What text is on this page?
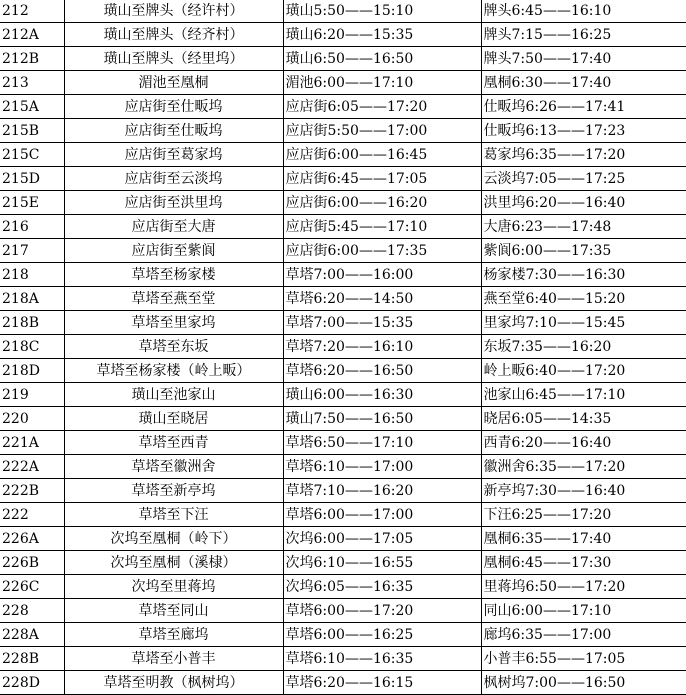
212	璜山至牌头（经许村）	璜山5:50——15:10	牌头6:45——16:10
212A	璜山至牌头（经齐村）	璜山6:20——15:35	牌头7:15——16:25
212B	璜山至牌头（经里坞）	璜山6:50——16:50	牌头7:50——17:40
213	湄池至凰桐	湄池6:00——17:10	凰桐6:30——17:40
215A	应店街至仕畈坞	应店街6:05——17:20	仕畈坞6:26——17:41
215B	应店街至仕畈坞	应店街5:50——17:00	仕畈坞6:13——17:23
215C	应店街至葛家坞	应店街6:00——16:45	葛家坞6:35——17:20
215D	应店街至云淡坞	应店街6:45——17:05	云淡坞7:05——17:25
215E	应店街至洪里坞	应店街6:00——16:20	洪里坞6:20——16:40
216	应店街至大唐	应店街5:45——17:10	大唐6:23——17:48
217	应店街至紫阆	应店街6:00——17:35	紫阆6:00——17:35
218	草塔至杨家楼	草塔7:00——16:00	杨家楼7:30——16:30
218A	草塔至燕至堂	草塔6:20——14:50	燕至堂6:40——15:20
218B	草塔至里家坞	草塔7:00——15:35	里家坞7:10——15:45
218C	草塔至东坂	草塔7:20——16:10	东坂7:35——16:20
218D	草塔至杨家楼（岭上畈）	草塔6:20——16:50	岭上畈6:40——17:20
219	璜山至池家山	璜山6:00——16:30	池家山6:45——17:10
220	璜山至晓居	璜山7:50——16:50	晓居6:05——14:35
221A	草塔至西青	草塔6:50——17:10	西青6:20——16:40
222A	草塔至徽洲舍	草塔6:10——17:00	徽洲舍6:35——17:20
222B	草塔至新亭坞	草塔7:10——16:20	新亭坞7:30——16:40
222	草塔至下汪	草塔6:00——17:00	下汪6:25——17:20
226A	次坞至凰桐（岭下）	次坞6:00——17:05	凰桐6:35——17:40
226B	次坞至凰桐（溪棣）	次坞6:10——16:55	凰桐6:45——17:30
226C	次坞至里蒋坞	次坞6:05——16:35	里蒋坞6:50——17:20
228	草塔至同山	草塔6:00——17:20	同山6:00——17:10
228A	草塔至廊坞	草塔6:00——16:25	廊坞6:35——17:00
228B	草塔至小普丰	草塔6:10——16:35	小普丰6:55——17:05
228D	草塔至明教（枫树坞）	草塔6:20——16:15	枫树坞7:00——16:50
